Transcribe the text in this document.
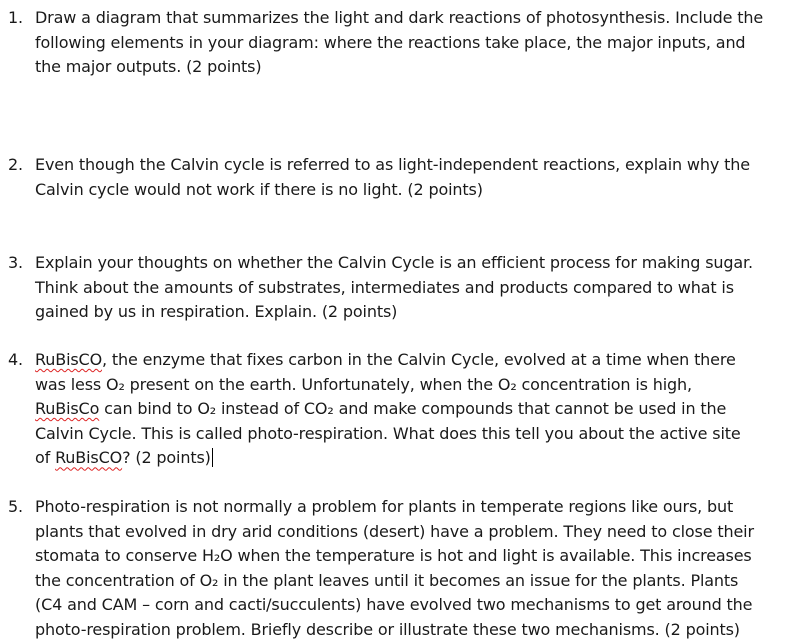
1. Draw a diagram that summarizes the light and dark reactions of photosynthesis. Include the
following elements in your diagram: where the reactions take place, the major inputs, and
the major outputs. (2 points)
2. Even though the Calvin cycle is referred to as light-independent reactions, explain why the
Calvin cycle would not work if there is no light. (2 points)
3. Explain your thoughts on whether the Calvin Cycle is an efficient process for making sugar.
Think about the amounts of substrates, intermediates and products compared to what is
gained by us in respiration. Explain. (2 points)
4. RuBisCO, the enzyme that fixes carbon in the Calvin Cycle, evolved at a time when there
was less O₂ present on the earth. Unfortunately, when the O₂ concentration is high,
RuBisCo can bind to O₂ instead of CO₂ and make compounds that cannot be used in the
Calvin Cycle. This is called photo-respiration. What does this tell you about the active site
of RuBisCO? (2 points)
5. Photo-respiration is not normally a problem for plants in temperate regions like ours, but
plants that evolved in dry arid conditions (desert) have a problem. They need to close their
stomata to conserve H₂O when the temperature is hot and light is available. This increases
the concentration of O₂ in the plant leaves until it becomes an issue for the plants. Plants
(C4 and CAM – corn and cacti/succulents) have evolved two mechanisms to get around the
photo-respiration problem. Briefly describe or illustrate these two mechanisms. (2 points)
